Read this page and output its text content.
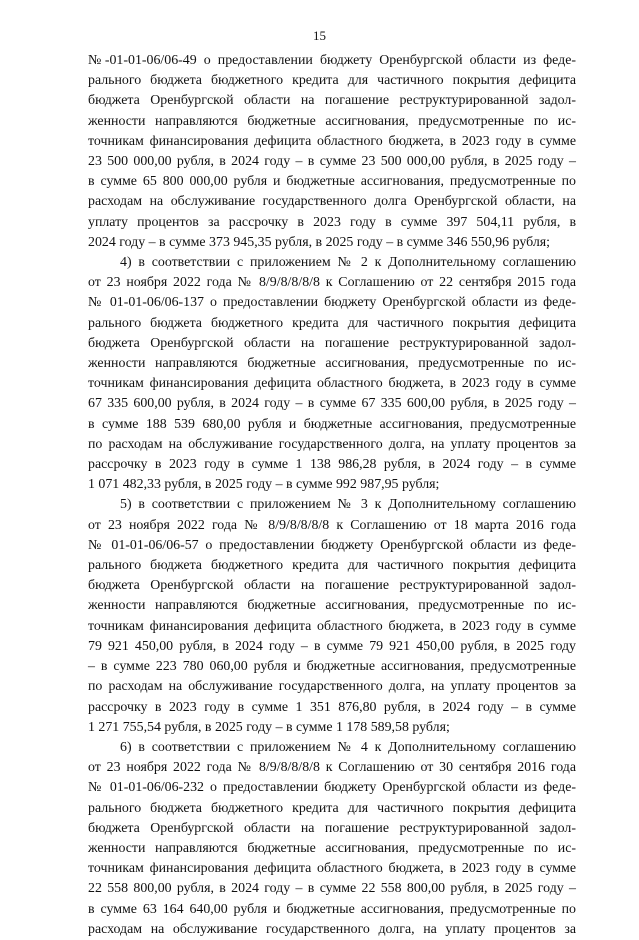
15
№-01-01-06/06-49 о предоставлении бюджету Оренбургской области из феде-
рального бюджета бюджетного кредита для частичного покрытия дефицита
бюджета Оренбургской области на погашение реструктурированной задол-
женности направляются бюджетные ассигнования, предусмотренные по ис-
точникам финансирования дефицита областного бюджета, в 2023 году в сумме
23 500 000,00 рубля, в 2024 году – в сумме 23 500 000,00 рубля, в 2025 году –
в сумме 65 800 000,00 рубля и бюджетные ассигнования, предусмотренные по
расходам на обслуживание государственного долга Оренбургской области, на
уплату процентов за рассрочку в 2023 году в сумме 397 504,11 рубля, в
2024 году – в сумме 373 945,35 рубля, в 2025 году – в сумме 346 550,96 рубля;
4) в соответствии с приложением № 2 к Дополнительному соглашению
от 23 ноября 2022 года № 8/9/8/8/8/8 к Соглашению от 22 сентября 2015 года
№ 01-01-06/06-137 о предоставлении бюджету Оренбургской области из феде-
рального бюджета бюджетного кредита для частичного покрытия дефицита
бюджета Оренбургской области на погашение реструктурированной задол-
женности направляются бюджетные ассигнования, предусмотренные по ис-
точникам финансирования дефицита областного бюджета, в 2023 году в сумме
67 335 600,00 рубля, в 2024 году – в сумме 67 335 600,00 рубля, в 2025 году –
в сумме 188 539 680,00 рубля и бюджетные ассигнования, предусмотренные
по расходам на обслуживание государственного долга, на уплату процентов за
рассрочку в 2023 году в сумме 1 138 986,28 рубля, в 2024 году – в сумме
1 071 482,33 рубля, в 2025 году – в сумме 992 987,95 рубля;
5) в соответствии с приложением № 3 к Дополнительному соглашению
от 23 ноября 2022 года № 8/9/8/8/8/8 к Соглашению от 18 марта 2016 года
№ 01-01-06/06-57 о предоставлении бюджету Оренбургской области из феде-
рального бюджета бюджетного кредита для частичного покрытия дефицита
бюджета Оренбургской области на погашение реструктурированной задол-
женности направляются бюджетные ассигнования, предусмотренные по ис-
точникам финансирования дефицита областного бюджета, в 2023 году в сумме
79 921 450,00 рубля, в 2024 году – в сумме 79 921 450,00 рубля, в 2025 году
– в сумме 223 780 060,00 рубля и бюджетные ассигнования, предусмотренные
по расходам на обслуживание государственного долга, на уплату процентов за
рассрочку в 2023 году в сумме 1 351 876,80 рубля, в 2024 году – в сумме
1 271 755,54 рубля, в 2025 году – в сумме 1 178 589,58 рубля;
6) в соответствии с приложением № 4 к Дополнительному соглашению
от 23 ноября 2022 года № 8/9/8/8/8/8 к Соглашению от 30 сентября 2016 года
№ 01-01-06/06-232 о предоставлении бюджету Оренбургской области из феде-
рального бюджета бюджетного кредита для частичного покрытия дефицита
бюджета Оренбургской области на погашение реструктурированной задол-
женности направляются бюджетные ассигнования, предусмотренные по ис-
точникам финансирования дефицита областного бюджета, в 2023 году в сумме
22 558 800,00 рубля, в 2024 году – в сумме 22 558 800,00 рубля, в 2025 году –
в сумме 63 164 640,00 рубля и бюджетные ассигнования, предусмотренные по
расходам на обслуживание государственного долга, на уплату процентов за
